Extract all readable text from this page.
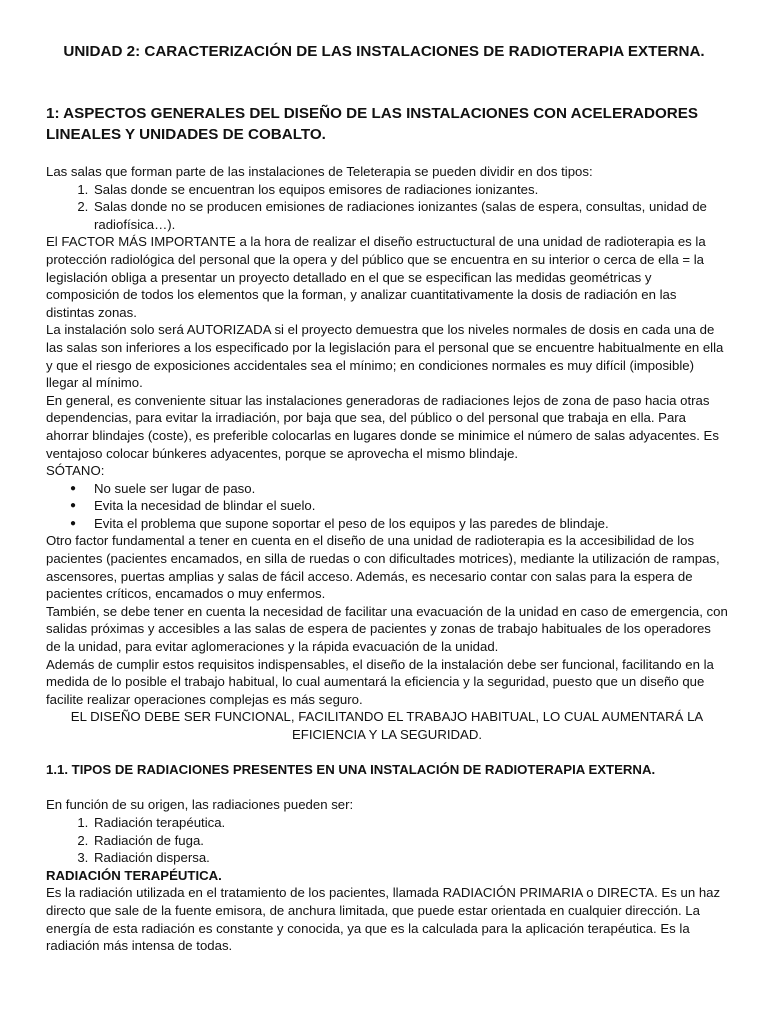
UNIDAD 2: CARACTERIZACIÓN DE LAS INSTALACIONES DE RADIOTERAPIA EXTERNA.
1: ASPECTOS GENERALES DEL DISEÑO DE LAS INSTALACIONES CON ACELERADORES LINEALES Y UNIDADES DE COBALTO.

Las salas que forman parte de las instalaciones de Teleterapia se pueden dividir en dos tipos:

1. Salas donde se encuentran los equipos emisores de radiaciones ionizantes.
2. Salas donde no se producen emisiones de radiaciones ionizantes (salas de espera, consultas, unidad de radiofísica…).

El FACTOR MÁS IMPORTANTE a la hora de realizar el diseño estructuctural de una unidad de radioterapia es la protección radiológica del personal que la opera y del público que se encuentra en su interior o cerca de ella = la legislación obliga a presentar un proyecto detallado en el que se especifican las medidas geométricas y composición de todos los elementos que la forman, y analizar cuantitativamente la dosis de radiación en las distintas zonas.

La instalación solo será AUTORIZADA si el proyecto demuestra que los niveles normales de dosis en cada una de las salas son inferiores a los especificado por la legislación para el personal que se encuentre habitualmente en ella y que el riesgo de exposiciones accidentales sea el mínimo; en condiciones normales es muy difícil (imposible) llegar al mínimo.

En general, es conveniente situar las instalaciones generadoras de radiaciones lejos de zona de paso hacia otras dependencias, para evitar la irradiación, por baja que sea, del público o del personal que trabaja en ella. Para ahorrar blindajes (coste), es preferible colocarlas en lugares donde se minimice el número de salas adyacentes. Es ventajoso colocar búnkeres adyacentes, porque se aprovecha el mismo blindaje.

SÓTANO:

● No suele ser lugar de paso.
● Evita la necesidad de blindar el suelo.
● Evita el problema que supone soportar el peso de los equipos y las paredes de blindaje.

Otro factor fundamental a tener en cuenta en el diseño de una unidad de radioterapia es la accesibilidad de los pacientes (pacientes encamados, en silla de ruedas o con dificultades motrices), mediante la utilización de rampas, ascensores, puertas amplias y salas de fácil acceso. Además, es necesario contar con salas para la espera de pacientes críticos, encamados o muy enfermos.

También, se debe tener en cuenta la necesidad de facilitar una evacuación de la unidad en caso de emergencia, con salidas próximas y accesibles a las salas de espera de pacientes y zonas de trabajo habituales de los operadores de la unidad, para evitar aglomeraciones y la rápida evacuación de la unidad.

Además de cumplir estos requisitos indispensables, el diseño de la instalación debe ser funcional, facilitando en la medida de lo posible el trabajo habitual, lo cual aumentará la eficiencia y la seguridad, puesto que un diseño que facilite realizar operaciones complejas es más seguro.

EL DISEÑO DEBE SER FUNCIONAL, FACILITANDO EL TRABAJO HABITUAL, LO CUAL AUMENTARÁ LA EFICIENCIA Y LA SEGURIDAD.

1.1. TIPOS DE RADIACIONES PRESENTES EN UNA INSTALACIÓN DE RADIOTERAPIA EXTERNA.

En función de su origen, las radiaciones pueden ser:

1. Radiación terapéutica.
2. Radiación de fuga.
3. Radiación dispersa.

RADIACIÓN TERAPÉUTICA.

Es la radiación utilizada en el tratamiento de los pacientes, llamada RADIACIÓN PRIMARIA o DIRECTA. Es un haz directo que sale de la fuente emisora, de anchura limitada, que puede estar orientada en cualquier dirección. La energía de esta radiación es constante y conocida, ya que es la calculada para la aplicación terapéutica. Es la radiación más intensa de todas.
